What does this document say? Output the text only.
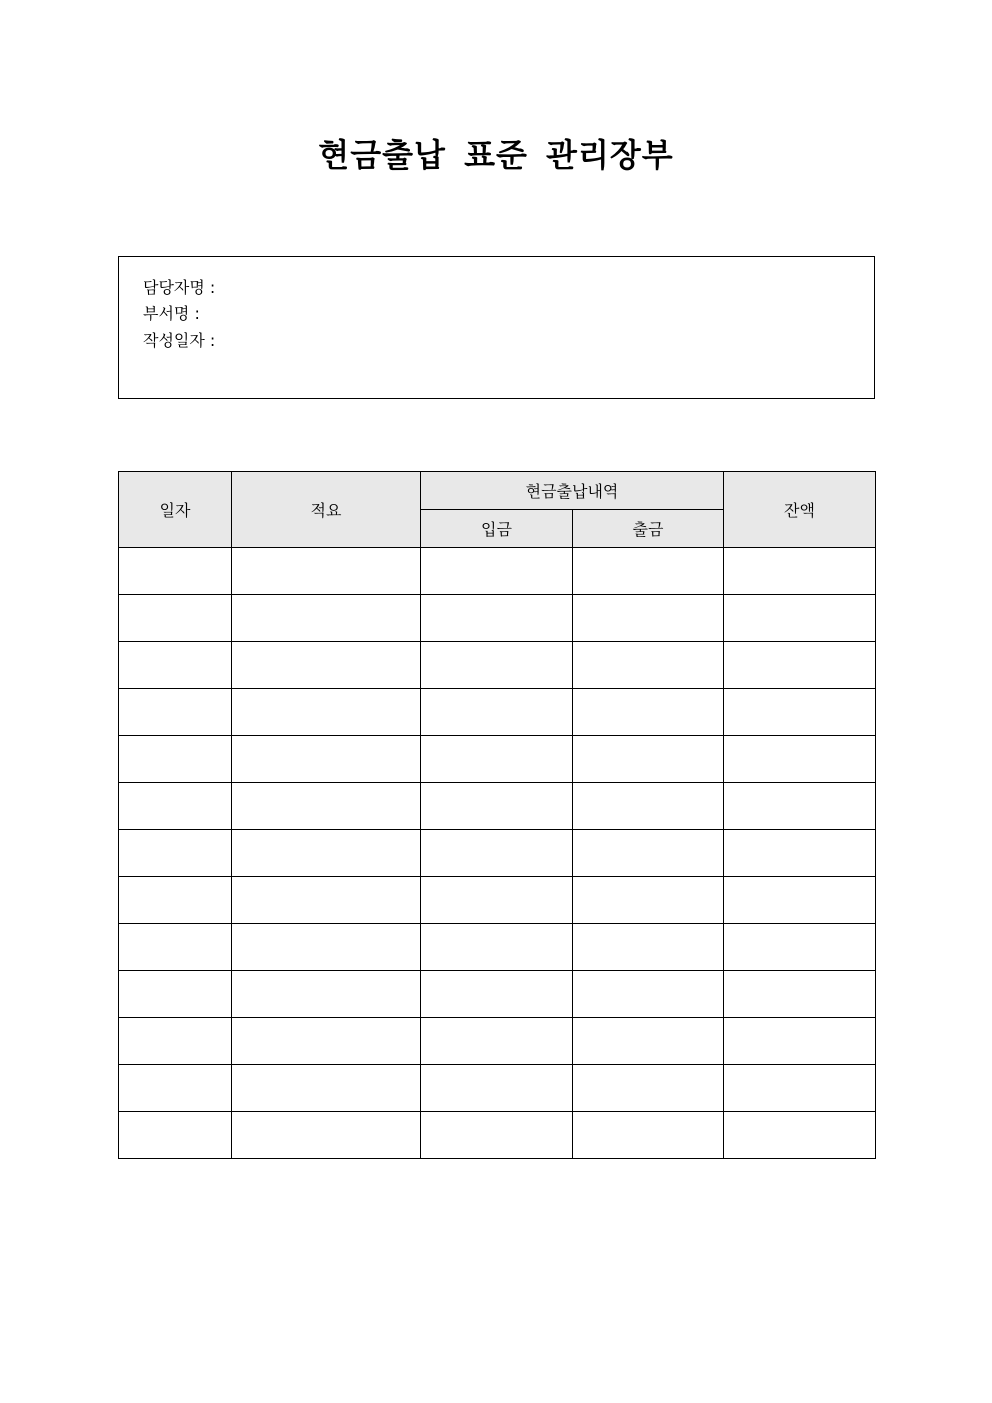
현금출납 표준 관리장부
담당자명 :
부서명 :
작성일자 :
일자	적요	현금출납내역		잔액
		입금	출금	
